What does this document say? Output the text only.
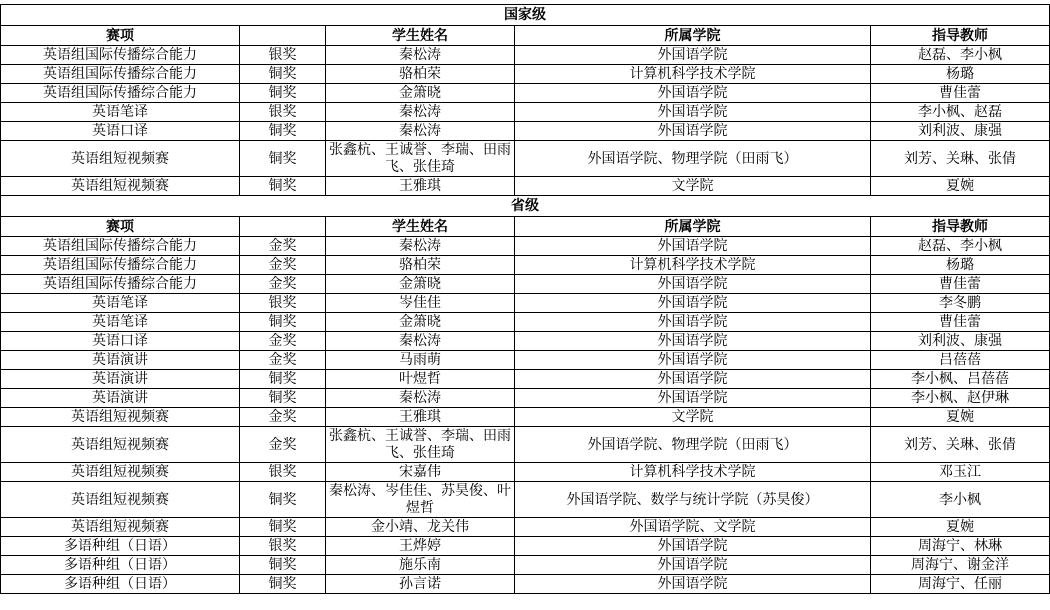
国家级				
赛项		学生姓名	所属学院	指导教师
英语组国际传播综合能力	银奖	秦松涛	外国语学院	赵磊、李小枫
英语组国际传播综合能力	铜奖	骆柏荣	计算机科学技术学院	杨璐
英语组国际传播综合能力	铜奖	金箫晓	外国语学院	曹佳蕾
英语笔译	银奖	秦松涛	外国语学院	李小枫、赵磊
英语口译	铜奖	秦松涛	外国语学院	刘利波、康强
英语组短视频赛	铜奖	张鑫杭、王诚誉、李瑞、田雨飞、张佳琦	外国语学院、物理学院（田雨飞）	刘芳、关琳、张倩
英语组短视频赛	铜奖	王雅琪	文学院	夏婉
省级				
赛项		学生姓名	所属学院	指导教师
英语组国际传播综合能力	金奖	秦松涛	外国语学院	赵磊、李小枫
英语组国际传播综合能力	金奖	骆柏荣	计算机科学技术学院	杨璐
英语组国际传播综合能力	金奖	金箫晓	外国语学院	曹佳蕾
英语笔译	银奖	岑佳佳	外国语学院	李冬鹏
英语笔译	铜奖	金箫晓	外国语学院	曹佳蕾
英语口译	金奖	秦松涛	外国语学院	刘利波、康强
英语演讲	金奖	马雨萌	外国语学院	吕蓓蓓
英语演讲	铜奖	叶煜哲	外国语学院	李小枫、吕蓓蓓
英语演讲	铜奖	秦松涛	外国语学院	李小枫、赵伊琳
英语组短视频赛	金奖	王雅琪	文学院	夏婉
英语组短视频赛	金奖	张鑫杭、王诚誉、李瑞、田雨飞、张佳琦	外国语学院、物理学院（田雨飞）	刘芳、关琳、张倩
英语组短视频赛	银奖	宋嘉伟	计算机科学技术学院	邓玉江
英语组短视频赛	铜奖	秦松涛、岑佳佳、苏昊俊、叶煜哲	外国语学院、数学与统计学院（苏昊俊）	李小枫
英语组短视频赛	铜奖	金小靖、龙关伟	外国语学院、文学院	夏婉
多语种组（日语）	银奖	王烨婷	外国语学院	周海宁、林琳
多语种组（日语）	铜奖	施乐南	外国语学院	周海宁、谢金洋
多语种组（日语）	铜奖	孙言诺	外国语学院	周海宁、任丽
